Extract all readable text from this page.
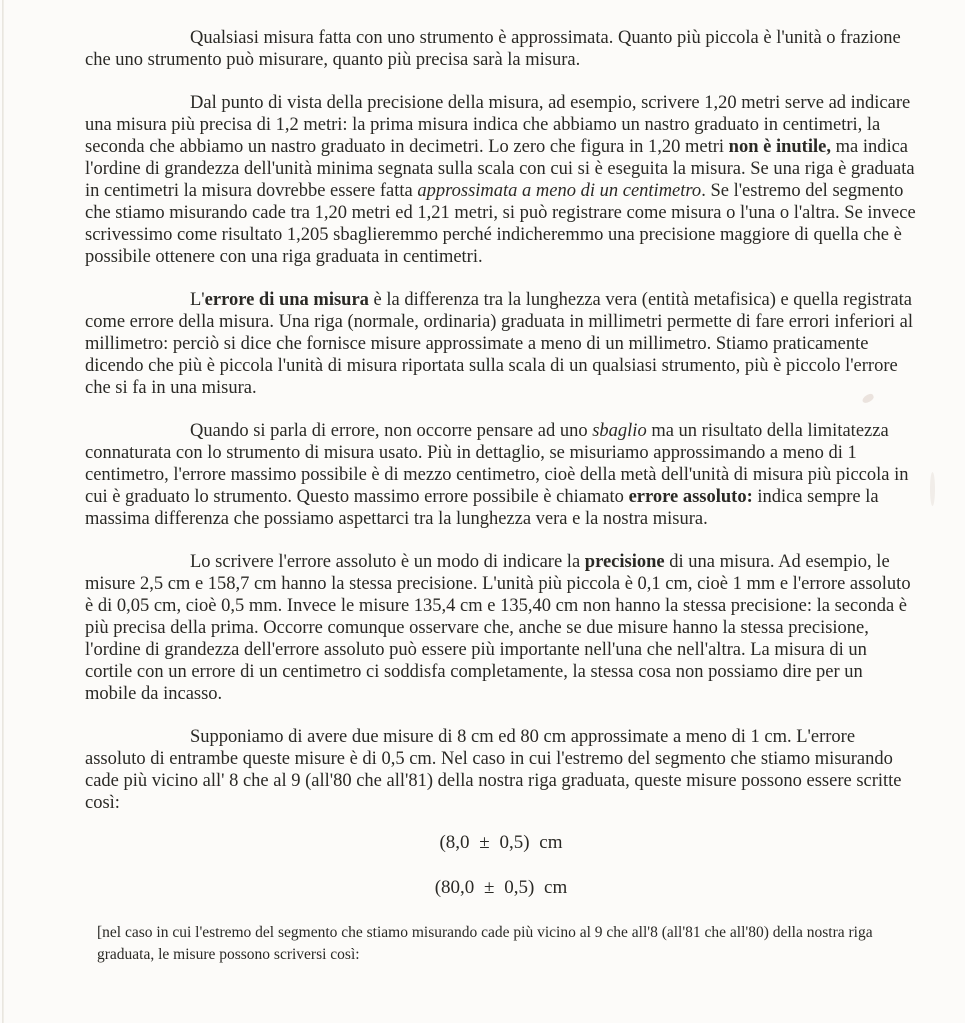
Qualsiasi misura fatta con uno strumento è approssimata. Quanto più piccola è l'unità o frazione che uno strumento può misurare, quanto più precisa sarà la misura.

Dal punto di vista della precisione della misura, ad esempio, scrivere 1,20 metri serve ad indicare una misura più precisa di 1,2 metri: la prima misura indica che abbiamo un nastro graduato in centimetri, la seconda che abbiamo un nastro graduato in decimetri. Lo zero che figura in 1,20 metri non è inutile, ma indica l'ordine di grandezza dell'unità minima segnata sulla scala con cui si è eseguita la misura. Se una riga è graduata in centimetri la misura dovrebbe essere fatta approssimata a meno di un centimetro. Se l'estremo del segmento che stiamo misurando cade tra 1,20 metri ed 1,21 metri, si può registrare come misura o l'una o l'altra. Se invece scrivessimo come risultato 1,205 sbaglieremmo perché indicheremmo una precisione maggiore di quella che è possibile ottenere con una riga graduata in centimetri.

L'errore di una misura è la differenza tra la lunghezza vera (entità metafisica) e quella registrata come errore della misura. Una riga (normale, ordinaria) graduata in millimetri permette di fare errori inferiori al millimetro: perciò si dice che fornisce misure approssimate a meno di un millimetro. Stiamo praticamente dicendo che più è piccola l'unità di misura riportata sulla scala di un qualsiasi strumento, più è piccolo l'errore che si fa in una misura.

Quando si parla di errore, non occorre pensare ad uno sbaglio ma un risultato della limitatezza connaturata con lo strumento di misura usato. Più in dettaglio, se misuriamo approssimando a meno di 1 centimetro, l'errore massimo possibile è di mezzo centimetro, cioè della metà dell'unità di misura più piccola in cui è graduato lo strumento. Questo massimo errore possibile è chiamato errore assoluto: indica sempre la massima differenza che possiamo aspettarci tra la lunghezza vera e la nostra misura.

Lo scrivere l'errore assoluto è un modo di indicare la precisione di una misura. Ad esempio, le misure 2,5 cm e 158,7 cm hanno la stessa precisione. L'unità più piccola è 0,1 cm, cioè 1 mm e l'errore assoluto è di 0,05 cm, cioè 0,5 mm. Invece le misure 135,4 cm e 135,40 cm non hanno la stessa precisione: la seconda è più precisa della prima. Occorre comunque osservare che, anche se due misure hanno la stessa precisione, l'ordine di grandezza dell'errore assoluto può essere più importante nell'una che nell'altra. La misura di un cortile con un errore di un centimetro ci soddisfa completamente, la stessa cosa non possiamo dire per un mobile da incasso.

Supponiamo di avere due misure di 8 cm ed 80 cm approssimate a meno di 1 cm. L'errore assoluto di entrambe queste misure è di 0,5 cm. Nel caso in cui l'estremo del segmento che stiamo misurando cade più vicino all' 8 che al 9 (all'80 che all'81) della nostra riga graduata, queste misure possono essere scritte così:

(8,0 ± 0,5) cm
(80,0 ± 0,5) cm
[nel caso in cui l'estremo del segmento che stiamo misurando cade più vicino al 9 che all'8 (all'81 che all'80) della nostra riga graduata, le misure possono scriversi così:
